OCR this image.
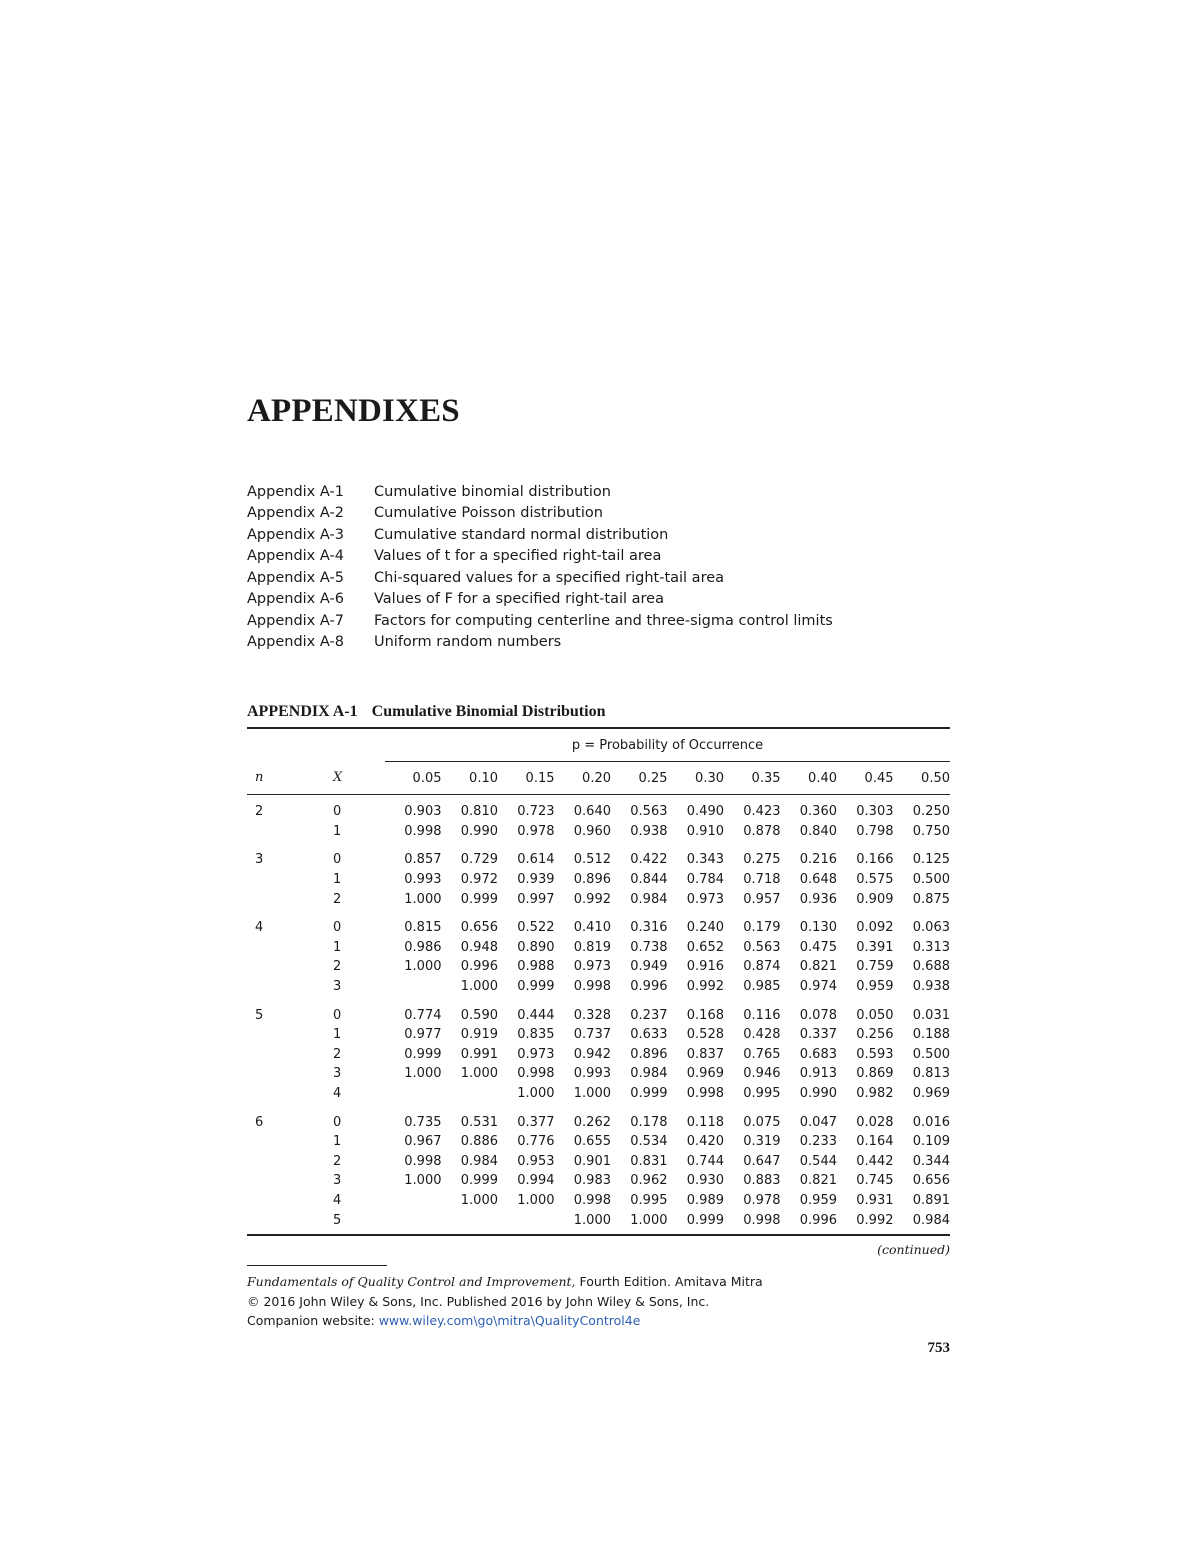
APPENDIXES
Appendix A-1	Cumulative binomial distribution
Appendix A-2	Cumulative Poisson distribution
Appendix A-3	Cumulative standard normal distribution
Appendix A-4	Values of t for a specified right-tail area
Appendix A-5	Chi-squared values for a specified right-tail area
Appendix A-6	Values of F for a specified right-tail area
Appendix A-7	Factors for computing centerline and three-sigma control limits
Appendix A-8	Uniform random numbers
APPENDIX A-1 Cumulative Binomial Distribution

		p = Probability of Occurrence									
n	X	0.05	0.10	0.15	0.20	0.25	0.30	0.35	0.40	0.45	0.50
2	0	0.903	0.810	0.723	0.640	0.563	0.490	0.423	0.360	0.303	0.250
	1	0.998	0.990	0.978	0.960	0.938	0.910	0.878	0.840	0.798	0.750
3	0	0.857	0.729	0.614	0.512	0.422	0.343	0.275	0.216	0.166	0.125
	1	0.993	0.972	0.939	0.896	0.844	0.784	0.718	0.648	0.575	0.500
	2	1.000	0.999	0.997	0.992	0.984	0.973	0.957	0.936	0.909	0.875
4	0	0.815	0.656	0.522	0.410	0.316	0.240	0.179	0.130	0.092	0.063
	1	0.986	0.948	0.890	0.819	0.738	0.652	0.563	0.475	0.391	0.313
	2	1.000	0.996	0.988	0.973	0.949	0.916	0.874	0.821	0.759	0.688
	3		1.000	0.999	0.998	0.996	0.992	0.985	0.974	0.959	0.938
5	0	0.774	0.590	0.444	0.328	0.237	0.168	0.116	0.078	0.050	0.031
	1	0.977	0.919	0.835	0.737	0.633	0.528	0.428	0.337	0.256	0.188
	2	0.999	0.991	0.973	0.942	0.896	0.837	0.765	0.683	0.593	0.500
	3	1.000	1.000	0.998	0.993	0.984	0.969	0.946	0.913	0.869	0.813
	4			1.000	1.000	0.999	0.998	0.995	0.990	0.982	0.969
6	0	0.735	0.531	0.377	0.262	0.178	0.118	0.075	0.047	0.028	0.016
	1	0.967	0.886	0.776	0.655	0.534	0.420	0.319	0.233	0.164	0.109
	2	0.998	0.984	0.953	0.901	0.831	0.744	0.647	0.544	0.442	0.344
	3	1.000	0.999	0.994	0.983	0.962	0.930	0.883	0.821	0.745	0.656
	4		1.000	1.000	0.998	0.995	0.989	0.978	0.959	0.931	0.891
	5				1.000	1.000	0.999	0.998	0.996	0.992	0.984

(continued)
Fundamentals of Quality Control and Improvement, Fourth Edition. Amitava Mitra
© 2016 John Wiley & Sons, Inc. Published 2016 by John Wiley & Sons, Inc.
Companion website: www.wiley.com\go\mitra\QualityControl4e
753
